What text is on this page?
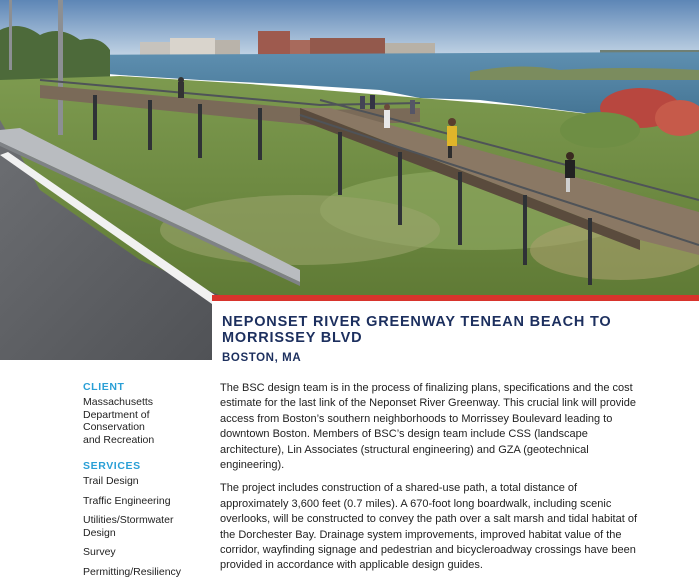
NEPONSET RIVER GREENWAY TENEAN BEACH TO MORRISSEY BLVD
BOSTON, MA
CLIENT
Massachusetts
Department of
Conservation
and Recreation
SERVICES
Trail Design
Traffic Engineering
Utilities/Stormwater
Design
Survey
Permitting/Resiliency

The BSC design team is in the process of finalizing plans, specifications and the cost estimate for the last link of the Neponset River Greenway. This crucial link will provide access from Boston’s southern neighborhoods to Morrissey Boulevard leading to downtown Boston. Members of BSC’s design team include CSS (landscape architecture), Lin Associates (structural engineering) and GZA (geotechnical engineering).

The project includes construction of a shared-use path, a total distance of approximately 3,600 feet (0.7 miles). A 670-foot long boardwalk, including scenic overlooks, will be constructed to convey the path over a salt marsh and tidal habitat of the Dorchester Bay. Drainage system improvements, improved habitat value of the corridor, wayfinding signage and pedestrian and bicycleroadway crossings have been provided in accordance with applicable design guides.
